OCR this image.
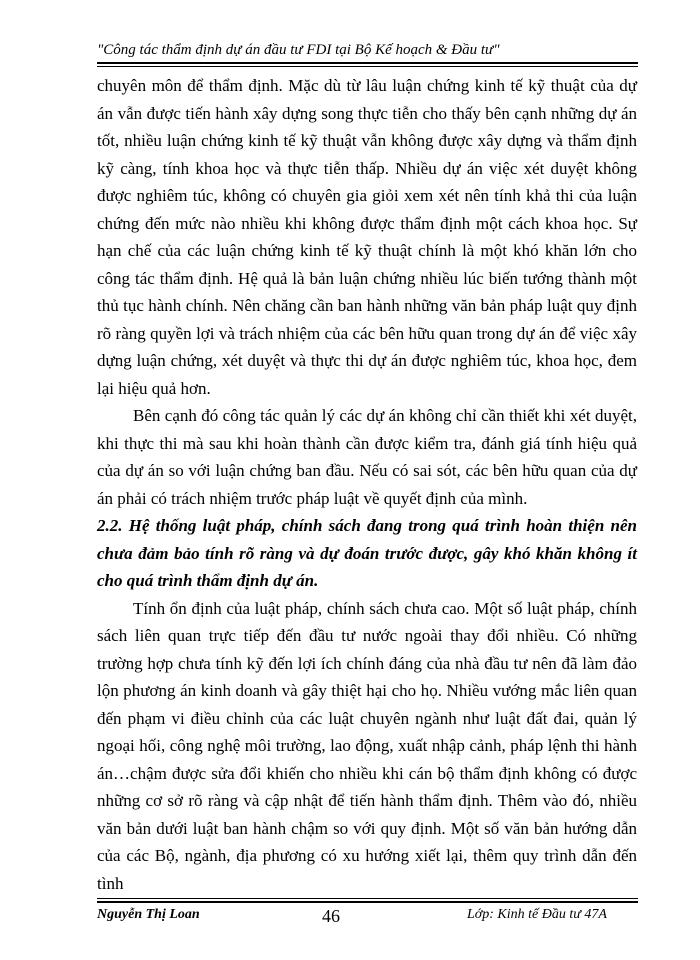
"Công tác thẩm định dự án đầu tư FDI tại Bộ Kế hoạch & Đầu tư"

chuyên môn để thẩm định. Mặc dù từ lâu luận chứng kinh tế kỹ thuật của dự án vẫn được tiến hành xây dựng song thực tiễn cho thấy bên cạnh những dự án tốt, nhiều luận chứng kinh tế kỹ thuật vẫn không được xây dựng và thẩm định kỹ càng, tính khoa học và thực tiễn thấp. Nhiều dự án việc xét duyệt không được nghiêm túc, không có chuyên gia giỏi xem xét nên tính khả thi của luận chứng đến mức nào nhiều khi không được thẩm định một cách khoa học. Sự hạn chế của các luận chứng kinh tế kỹ thuật chính là một khó khăn lớn cho công tác thẩm định. Hệ quả là bản luận chứng nhiều lúc biến tướng thành một thủ tục hành chính. Nên chăng cần ban hành những văn bản pháp luật quy định rõ ràng quyền lợi và trách nhiệm của các bên hữu quan trong dự án để việc xây dựng luận chứng, xét duyệt và thực thi dự án được nghiêm túc, khoa học, đem lại hiệu quả hơn.

Bên cạnh đó công tác quản lý các dự án không chỉ cần thiết khi xét duyệt, khi thực thi mà sau khi hoàn thành cần được kiểm tra, đánh giá tính hiệu quả của dự án so với luận chứng ban đầu. Nếu có sai sót, các bên hữu quan của dự án phải có trách nhiệm trước pháp luật về quyết định của mình.

2.2. Hệ thống luật pháp, chính sách đang trong quá trình hoàn thiện nên chưa đảm bảo tính rõ ràng và dự đoán trước được, gây khó khăn không ít cho quá trình thẩm định dự án.

Tính ổn định của luật pháp, chính sách chưa cao. Một số luật pháp, chính sách liên quan trực tiếp đến đầu tư nước ngoài thay đổi nhiều. Có những trường hợp chưa tính kỹ đến lợi ích chính đáng của nhà đầu tư nên đã làm đảo lộn phương án kinh doanh và gây thiệt hại cho họ. Nhiều vướng mắc liên quan đến phạm vi điều chỉnh của các luật chuyên ngành như luật đất đai, quản lý ngoại hối, công nghệ môi trường, lao động, xuất nhập cảnh, pháp lệnh thi hành án…chậm được sửa đổi khiến cho nhiều khi cán bộ thẩm định không có được những cơ sở rõ ràng và cập nhật để tiến hành thẩm định. Thêm vào đó, nhiều văn bản dưới luật ban hành chậm so với quy định. Một số văn bản hướng dẫn của các Bộ, ngành, địa phương có xu hướng xiết lại, thêm quy trình dẫn đến tình

Nguyễn Thị Loan	46	Lớp: Kinh tế Đầu tư 47A
